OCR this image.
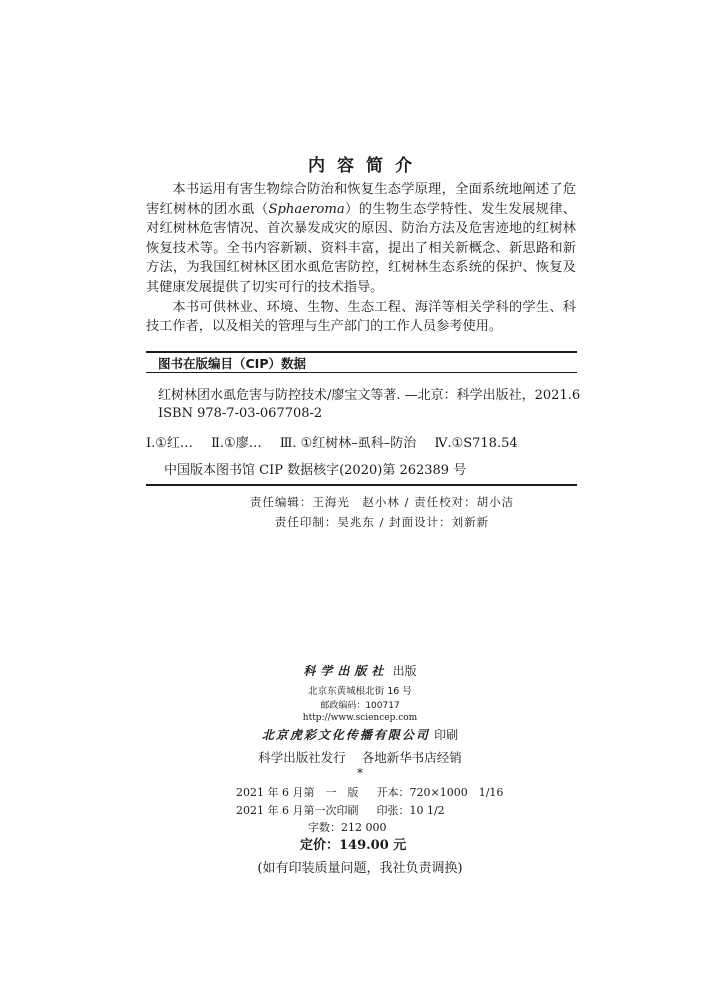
内容简介

本书运用有害生物综合防治和恢复生态学原理，全面系统地阐述了危害红树林的团水虱（Sphaeroma）的生物生态学特性、发生发展规律、对红树林危害情况、首次暴发成灾的原因、防治方法及危害迹地的红树林恢复技术等。全书内容新颖、资料丰富，提出了相关新概念、新思路和新方法，为我国红树林区团水虱危害防控，红树林生态系统的保护、恢复及其健康发展提供了切实可行的技术指导。

本书可供林业、环境、生物、生态工程、海洋等相关学科的学生、科技工作者，以及相关的管理与生产部门的工作人员参考使用。

图书在版编目（CIP）数据
红树林团水虱危害与防控技术/廖宝文等著. —北京：科学出版社，2021.6
ISBN 978-7-03-067708-2
Ⅰ.①红… Ⅱ.①廖… Ⅲ. ①红树林–虱科–防治 Ⅳ.①S718.54
中国版本图书馆 CIP 数据核字(2020)第 262389 号
责任编辑：王海光　赵小林 / 责任校对：胡小洁
责任印制：吴兆东 / 封面设计：刘新新
科学出版社 出版
北京东黄城根北街 16 号
邮政编码：100717
http://www.sciencep.com
北京虎彩文化传播有限公司 印刷
科学出版社发行 各地新华书店经销
*
2021 年 6 月第　一　版 开本：720×1000　1/16
2021 年 6 月第一次印刷 印张：10 1/2
字数：212 000
定价：149.00 元
(如有印装质量问题，我社负责调换)
